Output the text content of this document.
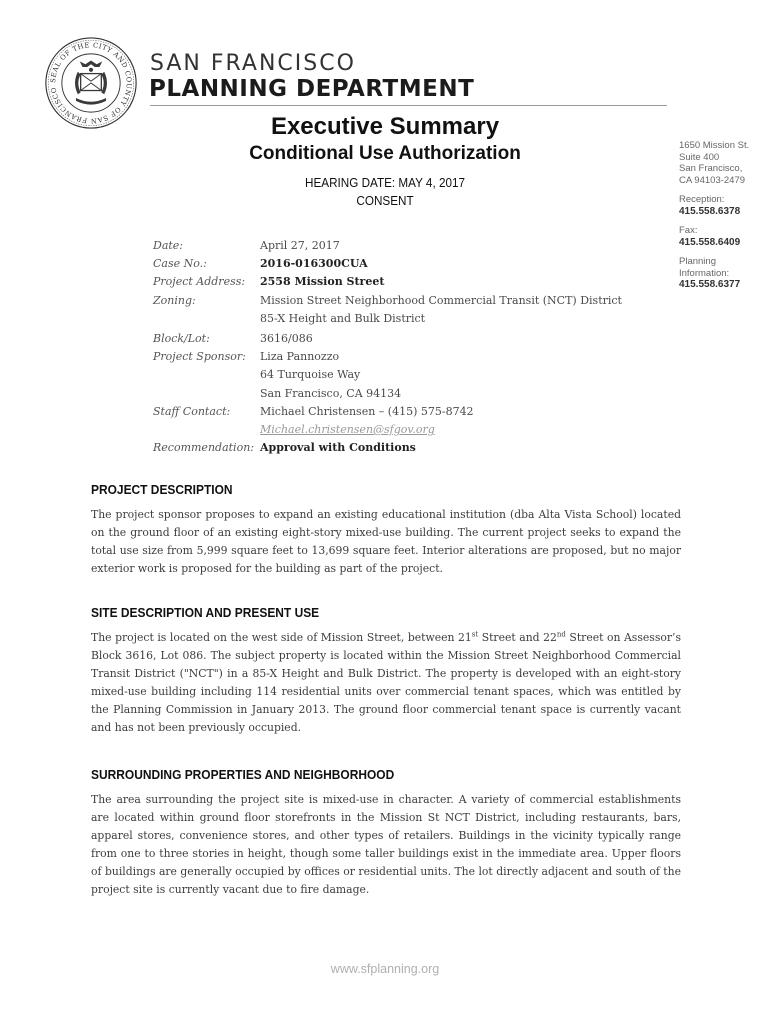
SEAL OF THE CITY AND COUNTY OF SAN FRANCISCO
SAN FRANCISCO
PLANNING DEPARTMENT
Executive Summary
Conditional Use Authorization
HEARING DATE: MAY 4, 2017
CONSENT
1650 Mission St.
Suite 400
San Francisco,
CA 94103-2479
Reception:
415.558.6378
Fax:
415.558.6409
Planning
Information:
415.558.6377
Date:	April 27, 2017
Case No.:	2016-016300CUA
Project Address:	2558 Mission Street
Zoning:	Mission Street Neighborhood Commercial Transit (NCT) District
85-X Height and Bulk District
Block/Lot:	3616/086
Project Sponsor:	Liza Pannozzo
64 Turquoise Way
San Francisco, CA 94134
Staff Contact:	Michael Christensen – (415) 575-8742
Michael.christensen@sfgov.org
Recommendation: Approval with Conditions
PROJECT DESCRIPTION

The project sponsor proposes to expand an existing educational institution (dba Alta Vista School) located on the ground floor of an existing eight-story mixed-use building. The current project seeks to expand the total use size from 5,999 square feet to 13,699 square feet. Interior alterations are proposed, but no major exterior work is proposed for the building as part of the project.

SITE DESCRIPTION AND PRESENT USE

The project is located on the west side of Mission Street, between 21st Street and 22nd Street on Assessor’s Block 3616, Lot 086. The subject property is located within the Mission Street Neighborhood Commercial Transit District ("NCT") in a 85-X Height and Bulk District. The property is developed with an eight-story mixed-use building including 114 residential units over commercial tenant spaces, which was entitled by the Planning Commission in January 2013. The ground floor commercial tenant space is currently vacant and has not been previously occupied.

SURROUNDING PROPERTIES AND NEIGHBORHOOD

The area surrounding the project site is mixed-use in character. A variety of commercial establishments are located within ground floor storefronts in the Mission St NCT District, including restaurants, bars, apparel stores, convenience stores, and other types of retailers. Buildings in the vicinity typically range from one to three stories in height, though some taller buildings exist in the immediate area. Upper floors of buildings are generally occupied by offices or residential units. The lot directly adjacent and south of the project site is currently vacant due to fire damage.

www.sfplanning.org
